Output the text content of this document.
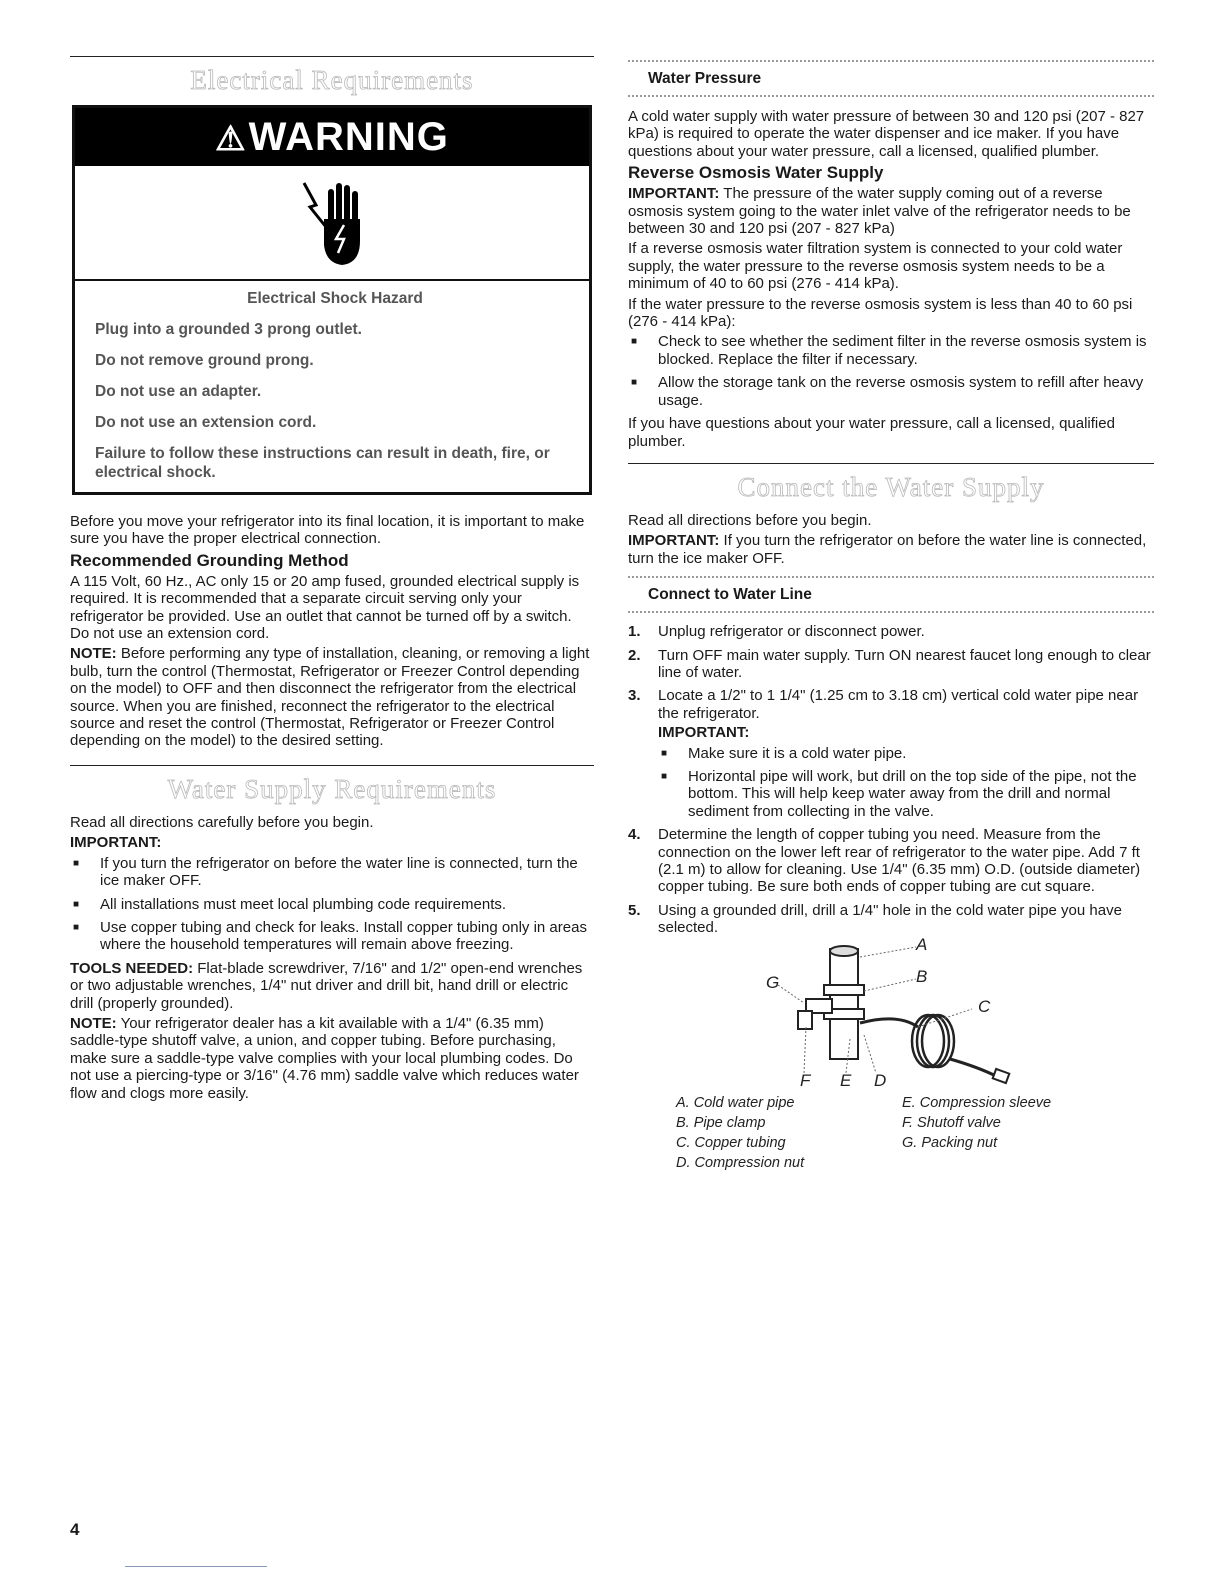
Electrical Requirements
⚠WARNING
Electrical Shock Hazard

Plug into a grounded 3 prong outlet.

Do not remove ground prong.

Do not use an adapter.

Do not use an extension cord.

Failure to follow these instructions can result in death, fire, or electrical shock.

Before you move your refrigerator into its final location, it is important to make sure you have the proper electrical connection.

Recommended Grounding Method

A 115 Volt, 60 Hz., AC only 15 or 20 amp fused, grounded electrical supply is required. It is recommended that a separate circuit serving only your refrigerator be provided. Use an outlet that cannot be turned off by a switch. Do not use an extension cord.

NOTE: Before performing any type of installation, cleaning, or removing a light bulb, turn the control (Thermostat, Refrigerator or Freezer Control depending on the model) to OFF and then disconnect the refrigerator from the electrical source. When you are finished, reconnect the refrigerator to the electrical source and reset the control (Thermostat, Refrigerator or Freezer Control depending on the model) to the desired setting.

Water Supply Requirements

Read all directions carefully before you begin.

IMPORTANT:

■ If you turn the refrigerator on before the water line is connected, turn the ice maker OFF.
■ All installations must meet local plumbing code requirements.
■ Use copper tubing and check for leaks. Install copper tubing only in areas where the household temperatures will remain above freezing.

TOOLS NEEDED: Flat-blade screwdriver, 7/16" and 1/2" open-end wrenches or two adjustable wrenches, 1/4" nut driver and drill bit, hand drill or electric drill (properly grounded).

NOTE: Your refrigerator dealer has a kit available with a 1/4" (6.35 mm) saddle-type shutoff valve, a union, and copper tubing. Before purchasing, make sure a saddle-type valve complies with your local plumbing codes. Do not use a piercing-type or 3/16" (4.76 mm) saddle valve which reduces water flow and clogs more easily.

Water Pressure

A cold water supply with water pressure of between 30 and 120 psi (207 - 827 kPa) is required to operate the water dispenser and ice maker. If you have questions about your water pressure, call a licensed, qualified plumber.

Reverse Osmosis Water Supply

IMPORTANT: The pressure of the water supply coming out of a reverse osmosis system going to the water inlet valve of the refrigerator needs to be between 30 and 120 psi (207 - 827 kPa)

If a reverse osmosis water filtration system is connected to your cold water supply, the water pressure to the reverse osmosis system needs to be a minimum of 40 to 60 psi (276 - 414 kPa).

If the water pressure to the reverse osmosis system is less than 40 to 60 psi (276 - 414 kPa):

■ Check to see whether the sediment filter in the reverse osmosis system is blocked. Replace the filter if necessary.
■ Allow the storage tank on the reverse osmosis system to refill after heavy usage.

If you have questions about your water pressure, call a licensed, qualified plumber.

Connect the Water Supply

Read all directions before you begin.

IMPORTANT: If you turn the refrigerator on before the water line is connected, turn the ice maker OFF.

Connect to Water Line
1. Unplug refrigerator or disconnect power.
2. Turn OFF main water supply. Turn ON nearest faucet long enough to clear line of water.
3. Locate a 1/2" to 1 1/4" (1.25 cm to 3.18 cm) vertical cold water pipe near the refrigerator.
IMPORTANT:
■ Make sure it is a cold water pipe.
■ Horizontal pipe will work, but drill on the top side of the pipe, not the bottom. This will help keep water away from the drill and normal sediment from collecting in the valve.
4. Determine the length of copper tubing you need. Measure from the connection on the lower left rear of refrigerator to the water pipe. Add 7 ft (2.1 m) to allow for cleaning. Use 1/4" (6.35 mm) O.D. (outside diameter) copper tubing. Be sure both ends of copper tubing are cut square.
5. Using a grounded drill, drill a 1/4" hole in the cold water pipe you have selected.
A
B
C
G
F E D
A. Cold water pipe
B. Pipe clamp
C. Copper tubing
D. Compression nut
E. Compression sleeve
F. Shutoff valve
G. Packing nut
4
